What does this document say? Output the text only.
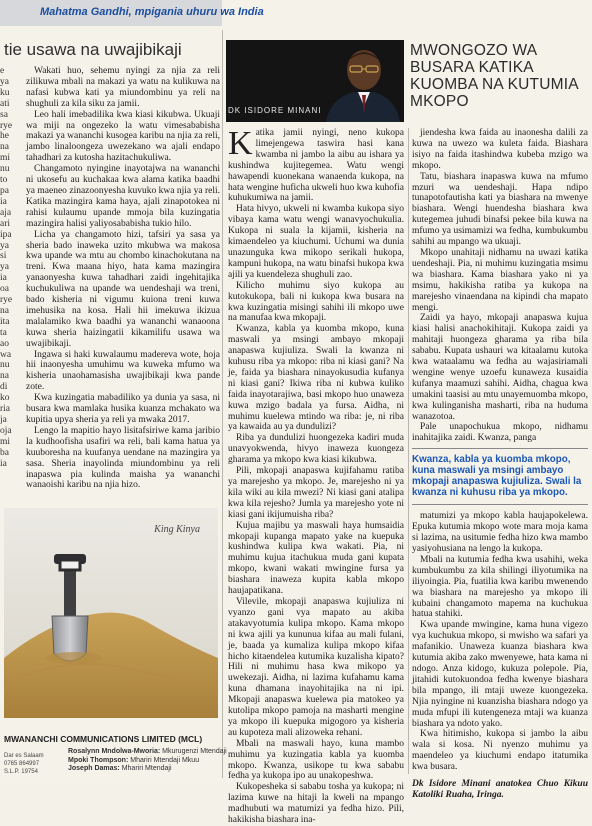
Mahatma Gandhi, mpigania uhuru wa India
tie usawa na uwajibikaji
e
ya
ku
ati
sa
rye
he
na
mi
nu
to
pa
ia
aja
ari
ipa
ya
si
ya
ia
oa
rye
na
ita
ta
ao
wa
nu
na
di
ko
ria
ja
oja
mi
ba
ia

Wakati huo, sehemu nyingi za njia za reli zilikuwa mbali na makazi ya watu na kulikuwa na nafasi kubwa kati ya miundombinu ya reli na shughuli za kila siku za jamii.

Leo hali imebadilika kwa kiasi kikubwa. Ukuaji wa miji na ongezeko la watu vimesababisha makazi ya wananchi kusogea karibu na njia za reli, jambo linaloongeza uwezekano wa ajali endapo tahadhari za kutosha hazitachukuliwa.

Changamoto nyingine inayotajwa na wananchi ni ukosefu au kuchakaa kwa alama katika baadhi ya maeneo zinazoonyesha kuvuko kwa njia ya reli. Katika mazingira kama haya, ajali zinapotokea ni rahisi kulaumu upande mmoja bila kuzingatia mazingira halisi yaliyosababisha tukio hilo.

Licha ya changamoto hizi, tafsiri ya sasa ya sheria bado inaweka uzito mkubwa wa makosa kwa upande wa mtu au chombo kinachokutana na treni. Kwa maana hiyo, hata kama mazingira yanaonyesha kuwa tahadhari zaidi ingehitajika kuchukuliwa na upande wa uendeshaji wa treni, bado kisheria ni vigumu kuiona treni kuwa imehusika na kosa. Hali hii imekuwa ikizua malalamiko kwa baadhi ya wananchi wanaoona kuwa sheria haizingatii kikamilifu usawa wa uwajibikaji.

Ingawa si haki kuwalaumu madereva wote, hoja hii inaonyesha umuhimu wa kuweka mfumo wa kisheria unaohamasisha uwajibikaji kwa pande zote.

Kwa kuzingatia mabadiliko ya dunia ya sasa, ni busara kwa mamlaka husika kuanza mchakato wa kupitia upya sheria ya reli ya mwaka 2017.

Lengo la mapitio hayo lisitafsiriwe kama jaribio la kudhoofisha usafiri wa reli, bali kama hatua ya kuuboresha na kuufanya uendane na mazingira ya sasa. Sheria inayolinda miundombinu ya reli inapaswa pia kulinda maisha ya wananchi wanaoishi karibu na njia hizo.

King Kinya
MWANANCHI COMMUNICATIONS LIMITED (MCL)
Dar es Salaam
0765 864997
S.L.P. 19754
Rosalynn Mndolwa-Mworia: Mkurugenzi Mtendaji
Mpoki Thompson: Mhariri Mtendaji Mkuu
Joseph Damas: Mhariri Mtendaji
DK ISIDORE MINANI
MWONGOZO WA BUSARA KATIKA KUOMBA NA KUTUMIA MKOPO

Katika jamii nyingi, neno kukopa limejengewa taswira hasi kana kwamba ni jambo la aibu au ishara ya kushindwa kujitegemea. Watu wengi hawapendi kuonekana wanaenda kukopa, na hata wengine hufichа ukweli huo kwa kuhofia kuhukumiwa na jamii.

Hata hivyo, ukweli ni kwamba kukopa siyo vibaya kama watu wengi wanavyochukulia. Kukopa ni suala la kijamii, kisheria na kimaendeleo ya kiuchumi. Uchumi wa dunia unazunguka kwa mikopo serikali hukopa, kampuni hukopa, na watu binafsi hukopa kwa ajili ya kuendeleza shughuli zao.

Kilicho muhimu siyo kukopa au kutokukopa, bali ni kukopa kwa busara na kwa kuzingatia misingi sahihi ili mkopo uwe na manufaa kwa mkopaji.

Kwanza, kabla ya kuomba mkopo, kuna maswali ya msingi ambayo mkopaji anapaswa kujiuliza. Swali la kwanza ni kuhusu riba ya mkopo: riba ni kiasi gani? Na je, faida ya biashara ninayokusudia kufanya ni kiasi gani? Ikiwa riba ni kubwa kuliko faida inayotarajiwa, basi mkopo huo unaweza kuwa mzigo badala ya fursa. Aidha, ni muhimu kuelewa mtindo wa riba: je, ni riba ya kawaida au ya dundulizi?

Riba ya dundulizi huongezeka kadiri muda unavyokwenda, hivyo inaweza kuongeza gharama ya mkopo kwa kiasi kikubwa.

Pili, mkopaji anapaswa kujifahamu ratiba ya marejesho ya mkopo. Je, marejesho ni ya kila wiki au kila mwezi? Ni kiasi gani atalipa kwa kila rejesho? Jumla ya marejesho yote ni kiasi gani ikijumuisha riba?

Kujua majibu ya maswali haya humsaidia mkopaji kupanga mapato yake na kuepuka kushindwa kulipa kwa wakati. Pia, ni muhimu kujua itachukua muda gani kupata mkopo, kwani wakati mwingine fursa ya biashara inaweza kupita kabla mkopo haujapatikana.

Vilevile, mkopaji anapaswa kujiuliza ni vyanzo gani vya mapato au akiba atakavyotumia kulipa mkopo. Kama mkopo ni kwa ajili ya kununua kifaa au mali fulani, je, baada ya kumaliza kulipa mkopo kifaa hicho kitaendelea kutumika kuzalisha kipato? Hili ni muhimu hasa kwa mikopo ya uwekezaji. Aidha, ni lazima kufahamu kama kuna dhamana inayohitajika na ni ipi. Mkopaji anapaswa kuelewa pia matokeo ya kutolipa mkopo pamoja na masharti mengine ya mkopo ili kuepuka migogoro ya kisheria au kupoteza mali alizoweka rehani.

Mbali na maswali hayo, kuna mambo muhimu ya kuzingatia kabla ya kuomba mkopo. Kwanza, usikope tu kwa sababu fedha ya kukopa ipo au unakopeshwa.

Kukopesheka si sababu tosha ya kukopa; ni lazima kuwe na hitaji la kweli na mpango madhubuti wa matumizi ya fedha hizo. Pili, hakikisha biashara ina-

jiendesha kwa faida au inaonesha dalili za kuwa na uwezo wa kuleta faida. Biashara isiyo na faida itashindwa kubeba mzigo wa mkopo.

Tatu, biashara inapaswa kuwa na mfumo mzuri wa uendeshaji. Hapa ndipo tunapotofautisha kati ya biashara na mwenye biashara. Wengi huendesha biashara kwa kutegemea juhudi binafsi pekee bila kuwa na mfumo ya usimamizi wa fedha, kumbukumbu sahihi au mpango wa ukuaji.

Mkopo unahitaji nidhamu na uwazi katika uendeshaji. Pia, ni muhimu kuzingatia msimu wa biashara. Kama biashara yako ni ya msimu, hakikisha ratiba ya kukopa na marejesho vinaendana na kipindi cha mapato mengi.

Zaidi ya hayo, mkopaji anapaswa kujua kiasi halisi anachokihitaji. Kukopa zaidi ya mahitaji huongeza gharama ya riba bila sababu. Kupata ushauri wa kitaalamu kutoka kwa wataalamu wa fedha au wajasiriamali wengine wenye uzoefu kunaweza kusaidia kufanya maamuzi sahihi. Aidha, chagua kwa umakini taasisi au mtu unayemuomba mkopo, kwa kulinganisha masharti, riba na huduma wanazotoa.

Pale unapochukua mkopo, nidhamu inahitajika zaidi. Kwanza, panga

Kwanza, kabla ya kuomba mkopo, kuna maswali ya msingi ambayo mkopaji anapaswa kujiuliza. Swali la kwanza ni kuhusu riba ya mkopo.

matumizi ya mkopo kabla haujapokelewa. Epuka kutumia mkopo wote mara moja kama si lazima, na usitumie fedha hizo kwa mambo yasiyohusiana na lengo la kukopa.

Mbali na kutumia fedha kwa usahihi, weka kumbukumbu za kila shilingi iliyotumika na iliyoingia. Pia, fuatilia kwa karibu mwenendo wa biashara na marejesho ya mkopo ili kubaini changamoto mapema na kuchukua hatua stahiki.

Kwa upande mwingine, kama huna vigezo vya kuchukua mkopo, si mwisho wa safari ya mafanikio. Unaweza kuanza biashara kwa kutumia akiba zako mwenyewe, hata kama ni ndogo. Anza kidogo, kukuza polepole. Pia, jitahidi kutokuondoa fedha kwenye biashara bila mpango, ili mtaji uweze kuongezeka. Njia nyingine ni kuanzisha biashara ndogo ya muda mfupi ili kutengeneza mtaji wa kuanza biashara ya ndoto yako.

Kwa hitimisho, kukopa si jambo la aibu wala si kosa. Ni nyenzo muhimu ya maendeleo ya kiuchumi endapo itatumika kwa busara.

Dk Isidore Minani anatokea Chuo Kikuu Katoliki Ruaha, Iringa.
